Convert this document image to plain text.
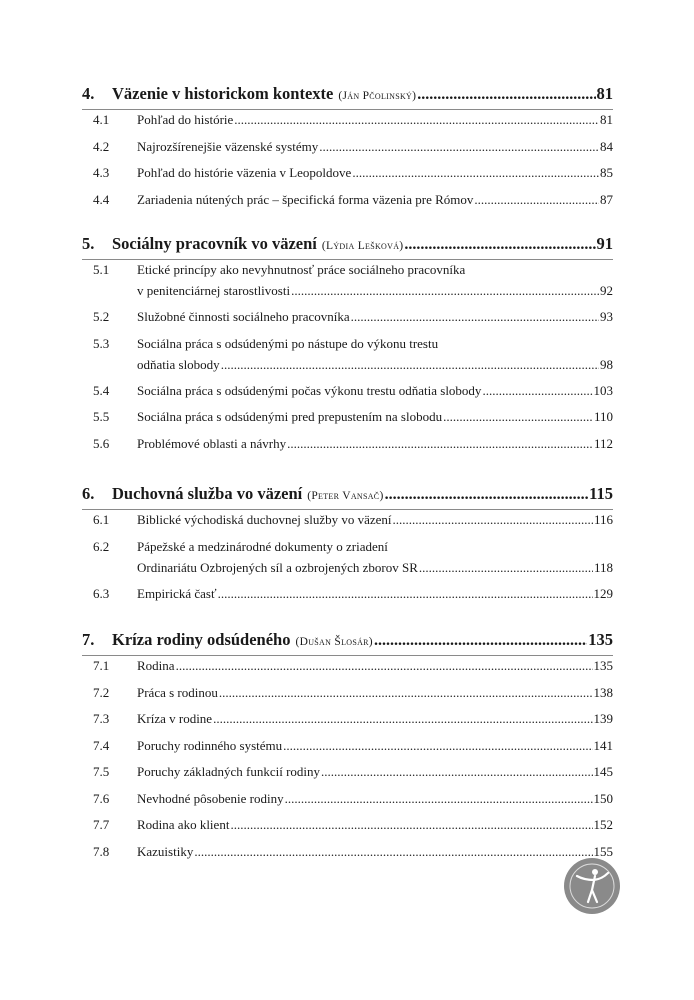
4.	Väzenie v historickom kontexte (Ján Pčolinský) .....	81
4.1 Pohľad do histórie .....	81
4.2 Najrozšírenejšie väzenské systémy .....	84
4.3 Pohľad do histórie väzenia v Leopoldove .....	85
4.4 Zariadenia nútených prác – špecifická forma väzenia pre Rómov .....	87
5.	Sociálny pracovník vo väzení (Lýdia Lešková) .....	91
5.1 Etické princípy ako nevyhnutnosť práce sociálneho pracovníka
v penitenciárnej starostlivosti .....	92
5.2 Služobné činnosti sociálneho pracovníka .....	93
5.3 Sociálna práca s odsúdenými po nástupe do výkonu trestu
odňatia slobody .....	98
5.4 Sociálna práca s odsúdenými počas výkonu trestu odňatia slobody .....	103
5.5 Sociálna práca s odsúdenými pred prepustením na slobodu .....	110
5.6 Problémové oblasti a návrhy .....	112
6.	Duchovná služba vo väzení (Peter Vansač) .....	115
6.1 Biblické východiská duchovnej služby vo väzení .....	116
6.2 Pápežské a medzinárodné dokumenty o zriadení
Ordinariátu Ozbrojených síl a ozbrojených zborov SR .....	118
6.3 Empirická časť .....	129
7.	Kríza rodiny odsúdeného (Dušan Šlosár) .....	135
7.1 Rodina .....	135
7.2 Práca s rodinou .....	138
7.3 Kríza v rodine .....	139
7.4 Poruchy rodinného systému .....	141
7.5 Poruchy základných funkcií rodiny .....	145
7.6 Nevhodné pôsobenie rodiny .....	150
7.7 Rodina ako klient .....	152
7.8 Kazuistiky .....	155
